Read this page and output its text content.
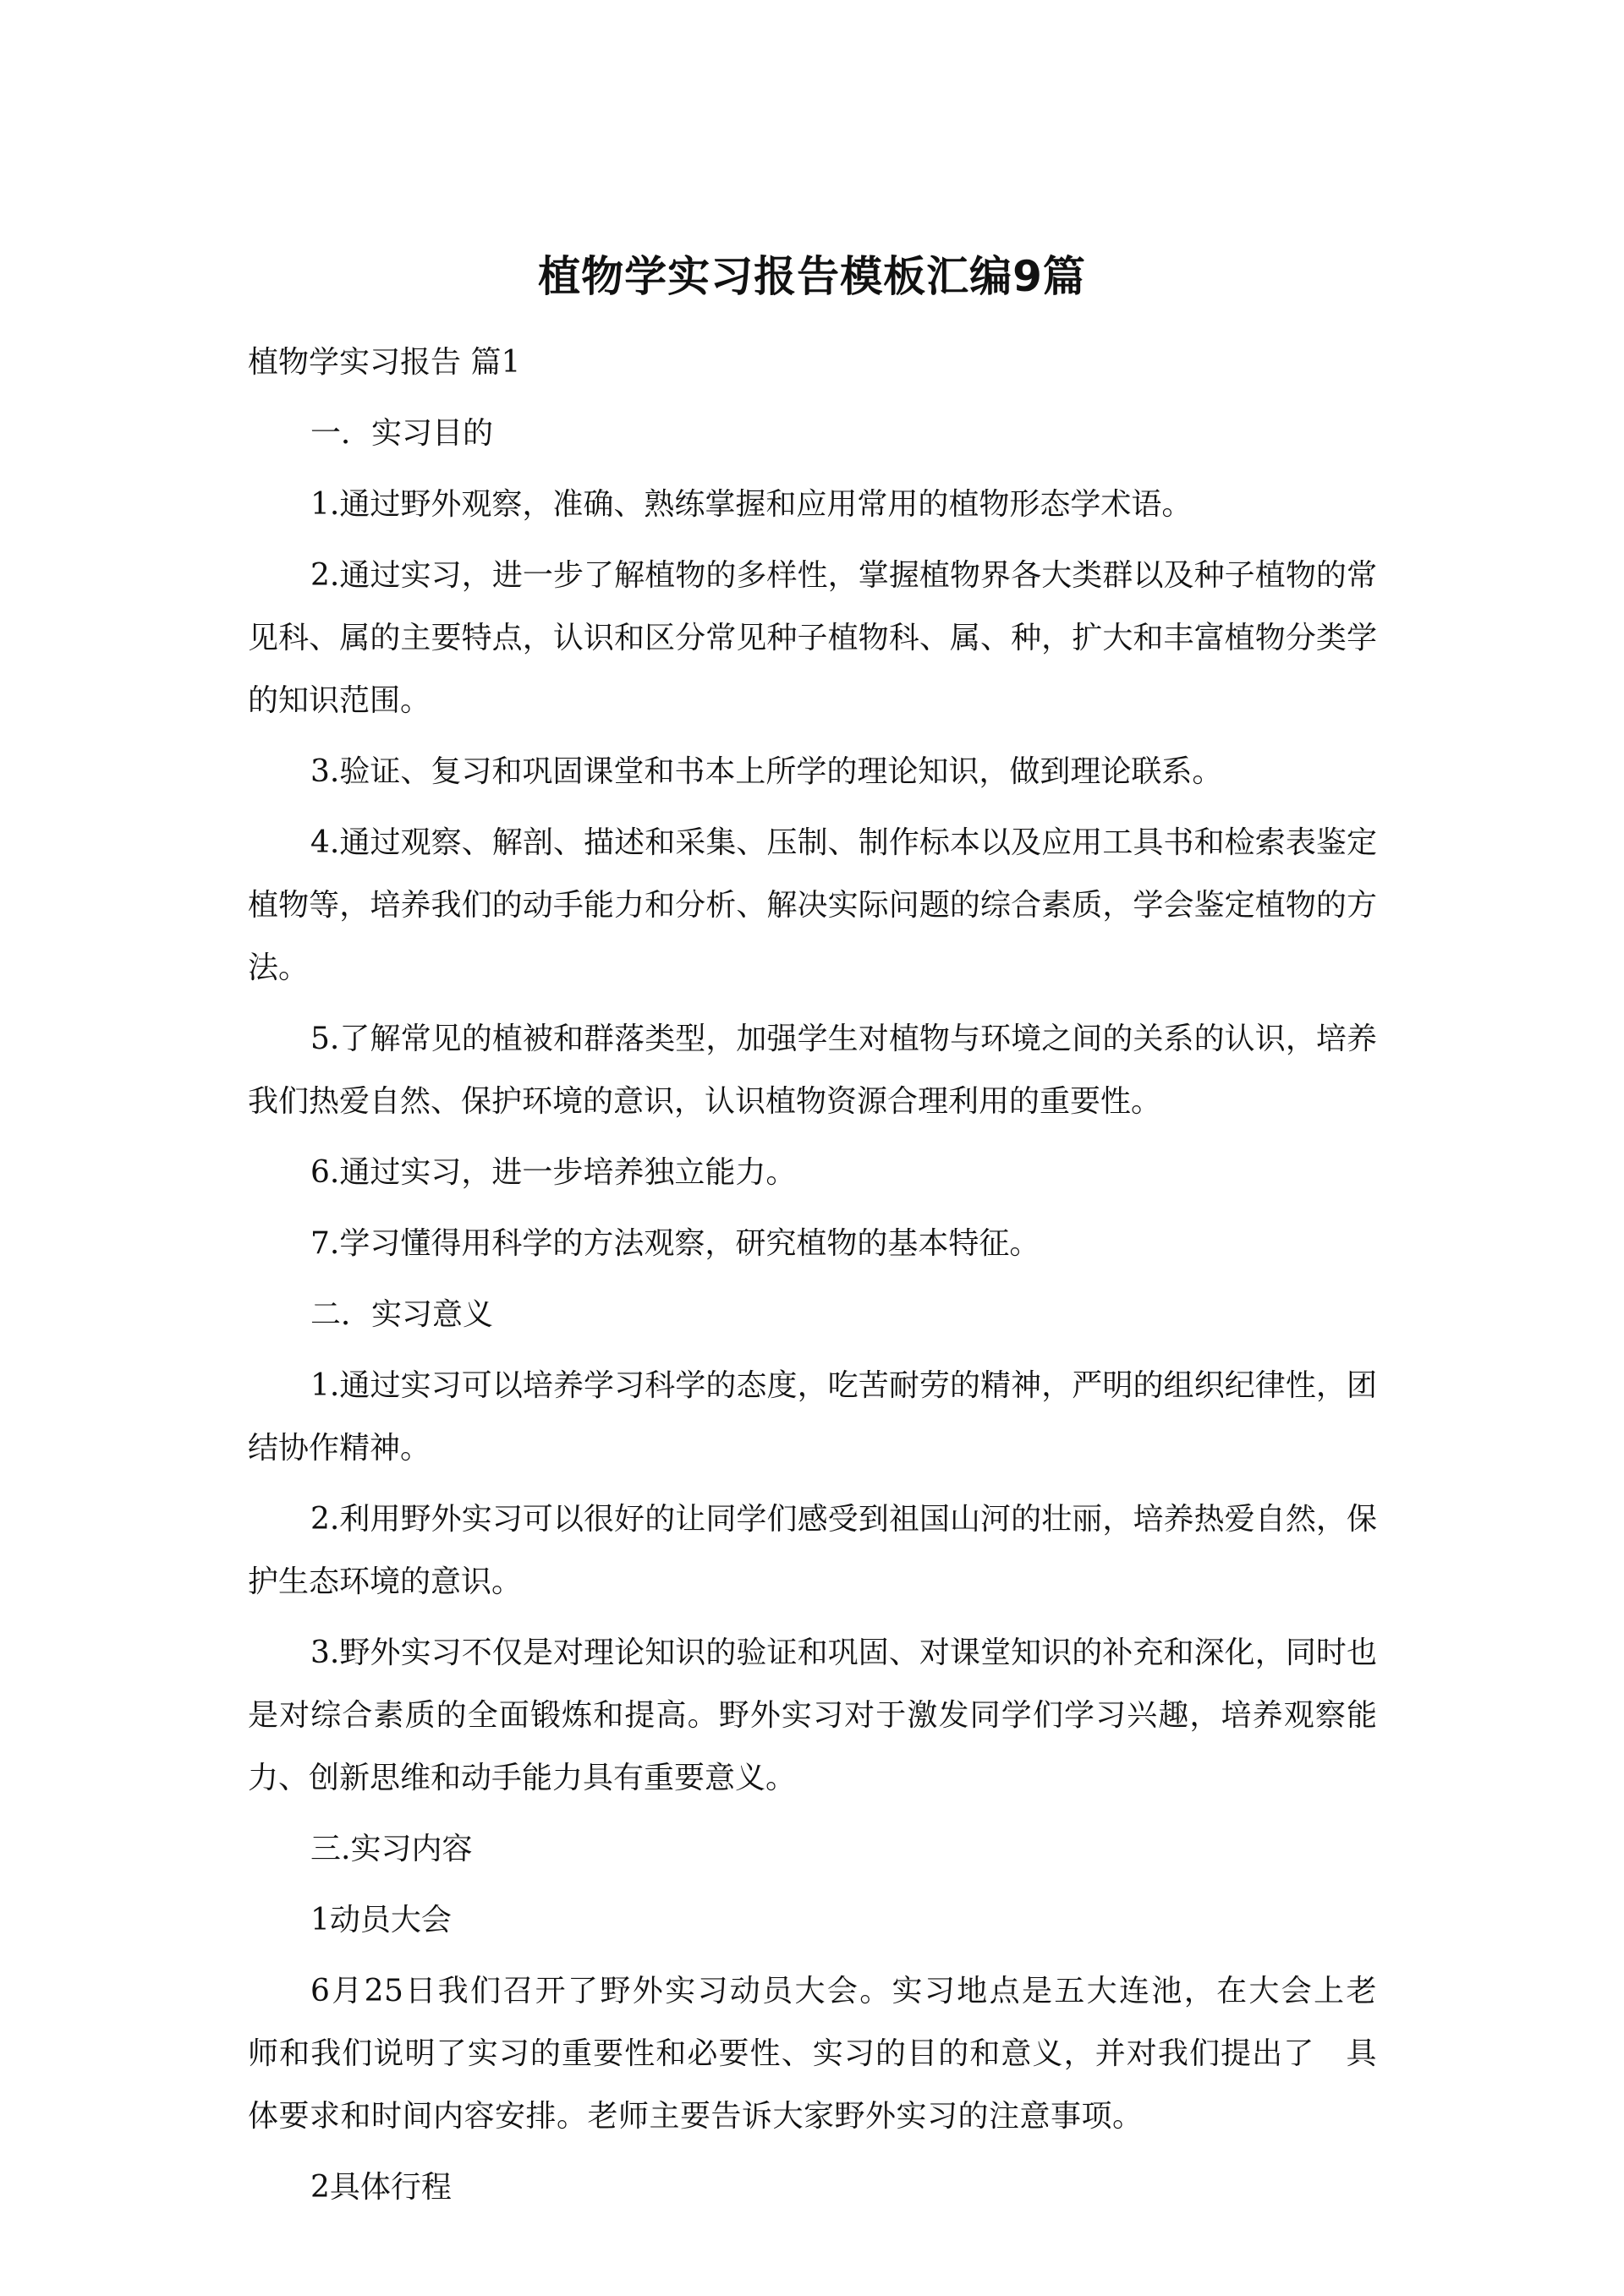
植物学实习报告模板汇编9篇

植物学实习报告 篇1

一．实习目的

1.通过野外观察，准确、熟练掌握和应用常用的植物形态学术语。

2.通过实习，进一步了解植物的多样性，掌握植物界各大类群以及种子植物的常见科、属的主要特点，认识和区分常见种子植物科、属、种，扩大和丰富植物分类学的知识范围。

3.验证、复习和巩固课堂和书本上所学的理论知识，做到理论联系。

4.通过观察、解剖、描述和采集、压制、制作标本以及应用工具书和检索表鉴定植物等，培养我们的动手能力和分析、解决实际问题的综合素质，学会鉴定植物的方法。

5.了解常见的植被和群落类型，加强学生对植物与环境之间的关系的认识，培养我们热爱自然、保护环境的意识，认识植物资源合理利用的重要性。

6.通过实习，进一步培养独立能力。

7.学习懂得用科学的方法观察，研究植物的基本特征。

二．实习意义

1.通过实习可以培养学习科学的态度，吃苦耐劳的精神，严明的组织纪律性，团结协作精神。

2.利用野外实习可以很好的让同学们感受到祖国山河的壮丽，培养热爱自然，保护生态环境的意识。

3.野外实习不仅是对理论知识的验证和巩固、对课堂知识的补充和深化，同时也是对综合素质的全面锻炼和提高。野外实习对于激发同学们学习兴趣，培养观察能力、创新思维和动手能力具有重要意义。

三.实习内容

1动员大会

6月25日我们召开了野外实习动员大会。实习地点是五大连池，在大会上老　师和我们说明了实习的重要性和必要性、实习的目的和意义，并对我们提出了　具体要求和时间内容安排。老师主要告诉大家野外实习的注意事项。

2具体行程
